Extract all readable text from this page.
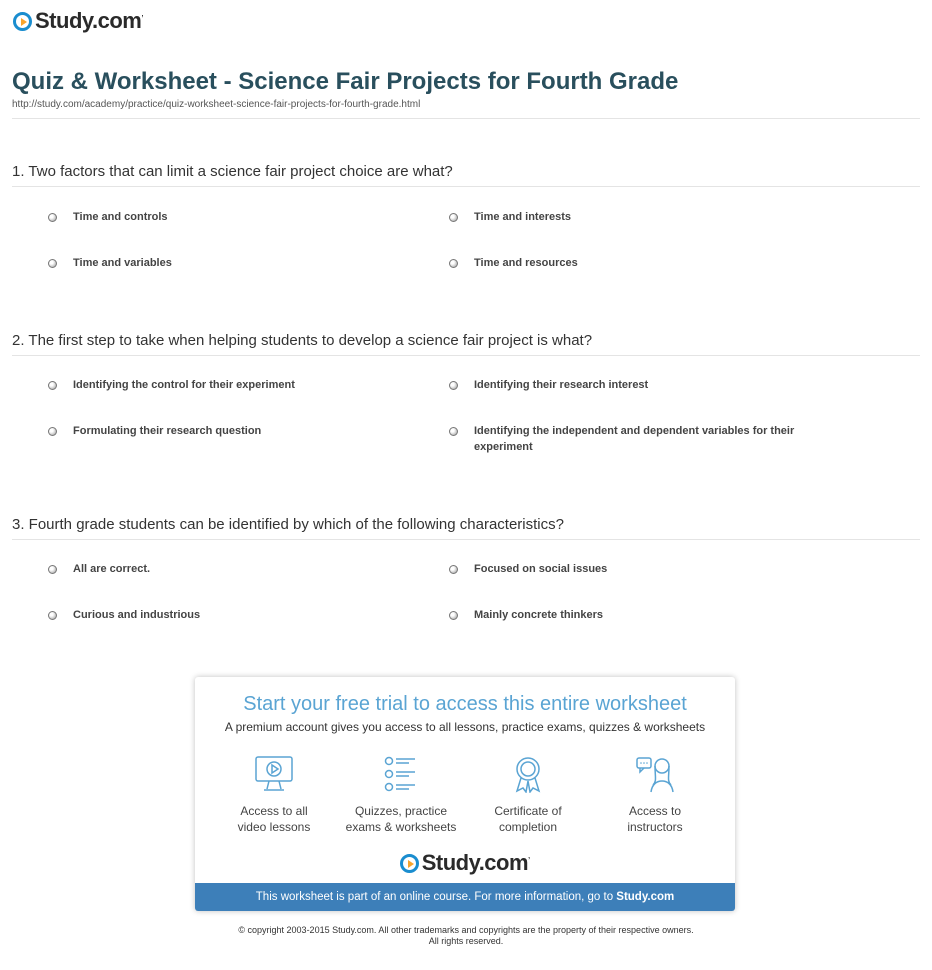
Study.com ’
Quiz & Worksheet - Science Fair Projects for Fourth Grade
http://study.com/academy/practice/quiz-worksheet-science-fair-projects-for-fourth-grade.html
1. Two factors that can limit a science fair project choice are what?
Time and controls	Time and interests
Time and variables	Time and resources
2. The first step to take when helping students to develop a science fair project is what?
Identifying the control for their experiment	Identifying their research interest
Formulating their research question	Identifying the independent and dependent variables for their experiment
3. Fourth grade students can be identified by which of the following characteristics?
All are correct.	Focused on social issues
Curious and industrious	Mainly concrete thinkers
Start your free trial to access this entire worksheet
A premium account gives you access to all lessons, practice exams, quizzes & worksheets
Access to all
video lessons
Quizzes, practice
exams & worksheets
Certificate of
completion
Access to
instructors
Study.com ’
This worksheet is part of an online course. For more information, go to Study.com
© copyright 2003-2015 Study.com. All other trademarks and copyrights are the property of their respective owners.
All rights reserved.
